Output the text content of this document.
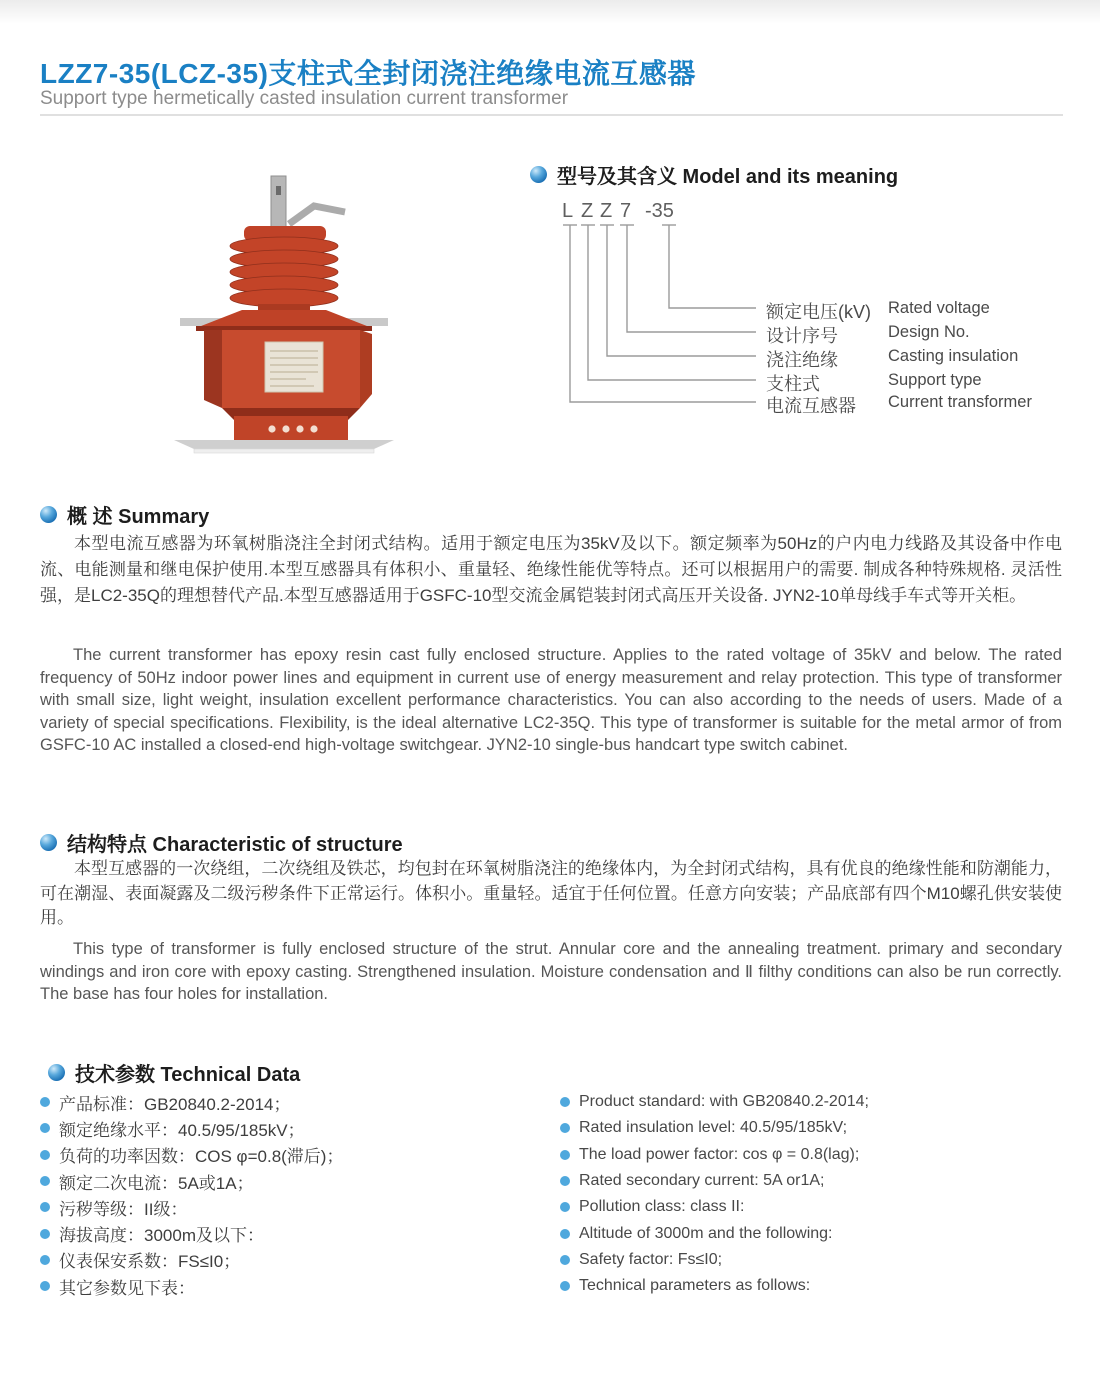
LZZ7-35(LCZ-35)支柱式全封闭浇注绝缘电流互感器
Support type hermetically casted insulation current transformer
型号及其含义 Model and its meaning
L Z Z 7 -35
额定电压(kV) Rated voltage
设计序号	Design No.
浇注绝缘	Casting insulation
支柱式	Support type
电流互感器 Current transformer
概 述 Summary
本型电流互感器为环氧树脂浇注全封闭式结构。适用于额定电压为35kV及以下。额定频率为50Hz的户内电力线路及其设备中作电流、电能测量和继电保护使用.本型互感器具有体积小、重量轻、绝缘性能优等特点。还可以根据用户的需要. 制成各种特殊规格. 灵活性强，是LC2-35Q的理想替代产品.本型互感器适用于GSFC-10型交流金属铠装封闭式高压开关设备. JYN2-10单母线手车式等开关柜。
The current transformer has epoxy resin cast fully enclosed structure. Applies to the rated voltage of 35kV and below. The rated frequency of 50Hz indoor power lines and equipment in current use of energy measurement and relay protection. This type of transformer with small size, light weight, insulation excellent performance characteristics. You can also according to the needs of users. Made of a variety of special specifications. Flexibility, is the ideal alternative LC2-35Q. This type of transformer is suitable for the metal armor of from GSFC-10 AC installed a closed-end high-voltage switchgear. JYN2-10 single-bus handcart type switch cabinet.
结构特点 Characteristic of structure
本型互感器的一次绕组，二次绕组及铁芯，均包封在环氧树脂浇注的绝缘体内，为全封闭式结构，具有优良的绝缘性能和防潮能力，可在潮湿、表面凝露及二级污秽条件下正常运行。体积小。重量轻。适宜于任何位置。任意方向安装；产品底部有四个M10螺孔供安装使用。
This type of transformer is fully enclosed structure of the strut. Annular core and the annealing treatment. primary and secondary windings and iron core with epoxy casting. Strengthened insulation. Moisture condensation and Ⅱ filthy conditions can also be run correctly. The base has four holes for installation.
技术参数 Technical Data
产品标准：GB20840.2-2014；
额定绝缘水平：40.5/95/185kV；
负荷的功率因数：COS φ=0.8(滞后)；
额定二次电流：5A或1A；
污秽等级：II级：
海拔高度：3000m及以下：
仪表保安系数：FS≤I0；
其它参数见下表：
Product standard: with GB20840.2-2014;
Rated insulation level: 40.5/95/185kV;
The load power factor: cos φ = 0.8(lag);
Rated secondary current: 5A or1A;
Pollution class: class II:
Altitude of 3000m and the following:
Safety factor: Fs≤I0;
Technical parameters as follows:
